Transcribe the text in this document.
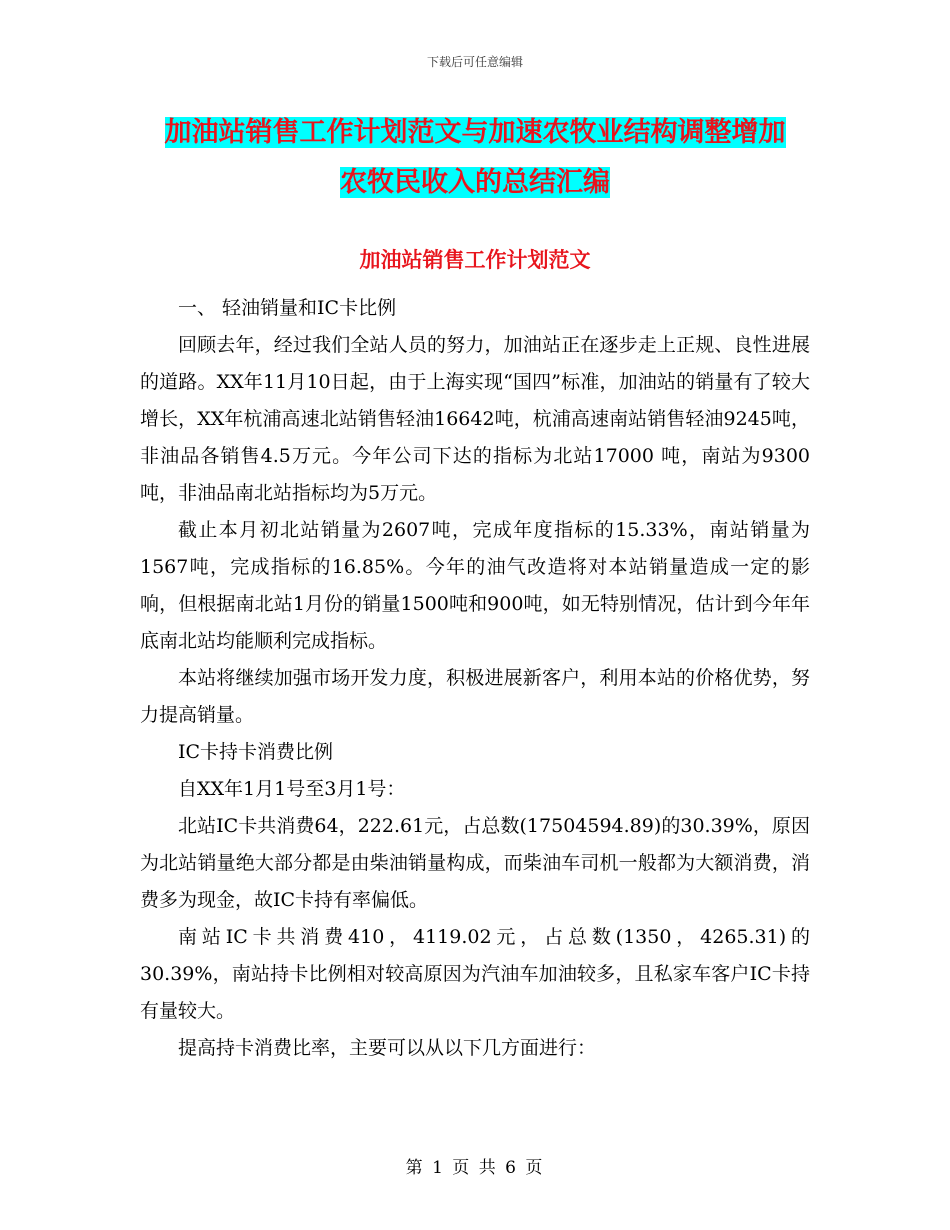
下载后可任意编辑
加油站销售工作计划范文与加速农牧业结构调整增加
农牧民收入的总结汇编
加油站销售工作计划范文

一、 轻油销量和IC卡比例

回顾去年，经过我们全站人员的努力，加油站正在逐步走上正规、良性进展的道路。XX年11月10日起，由于上海实现“国四”标准，加油站的销量有了较大增长，XX年杭浦高速北站销售轻油16642吨，杭浦高速南站销售轻油9245吨，非油品各销售4.5万元。今年公司下达的指标为北站17000 吨，南站为9300吨，非油品南北站指标均为5万元。

截止本月初北站销量为2607吨，完成年度指标的15.33%，南站销量为1567吨，完成指标的16.85%。今年的油气改造将对本站销量造成一定的影响，但根据南北站1月份的销量1500吨和900吨，如无特别情况，估计到今年年底南北站均能顺利完成指标。

本站将继续加强市场开发力度，积极进展新客户，利用本站的价格优势，努力提高销量。

IC卡持卡消费比例

自XX年1月1号至3月1号：

北站IC卡共消费64，222.61元，占总数(17504594.89)的30.39%，原因为北站销量绝大部分都是由柴油销量构成，而柴油车司机一般都为大额消费，消费多为现金，故IC卡持有率偏低。

南站IC卡共消费410，4119.02元，占总数(1350，4265.31)的30.39%，南站持卡比例相对较高原因为汽油车加油较多，且私家车客户IC卡持有量较大。

提高持卡消费比率，主要可以从以下几方面进行：

第 1 页 共 6 页
